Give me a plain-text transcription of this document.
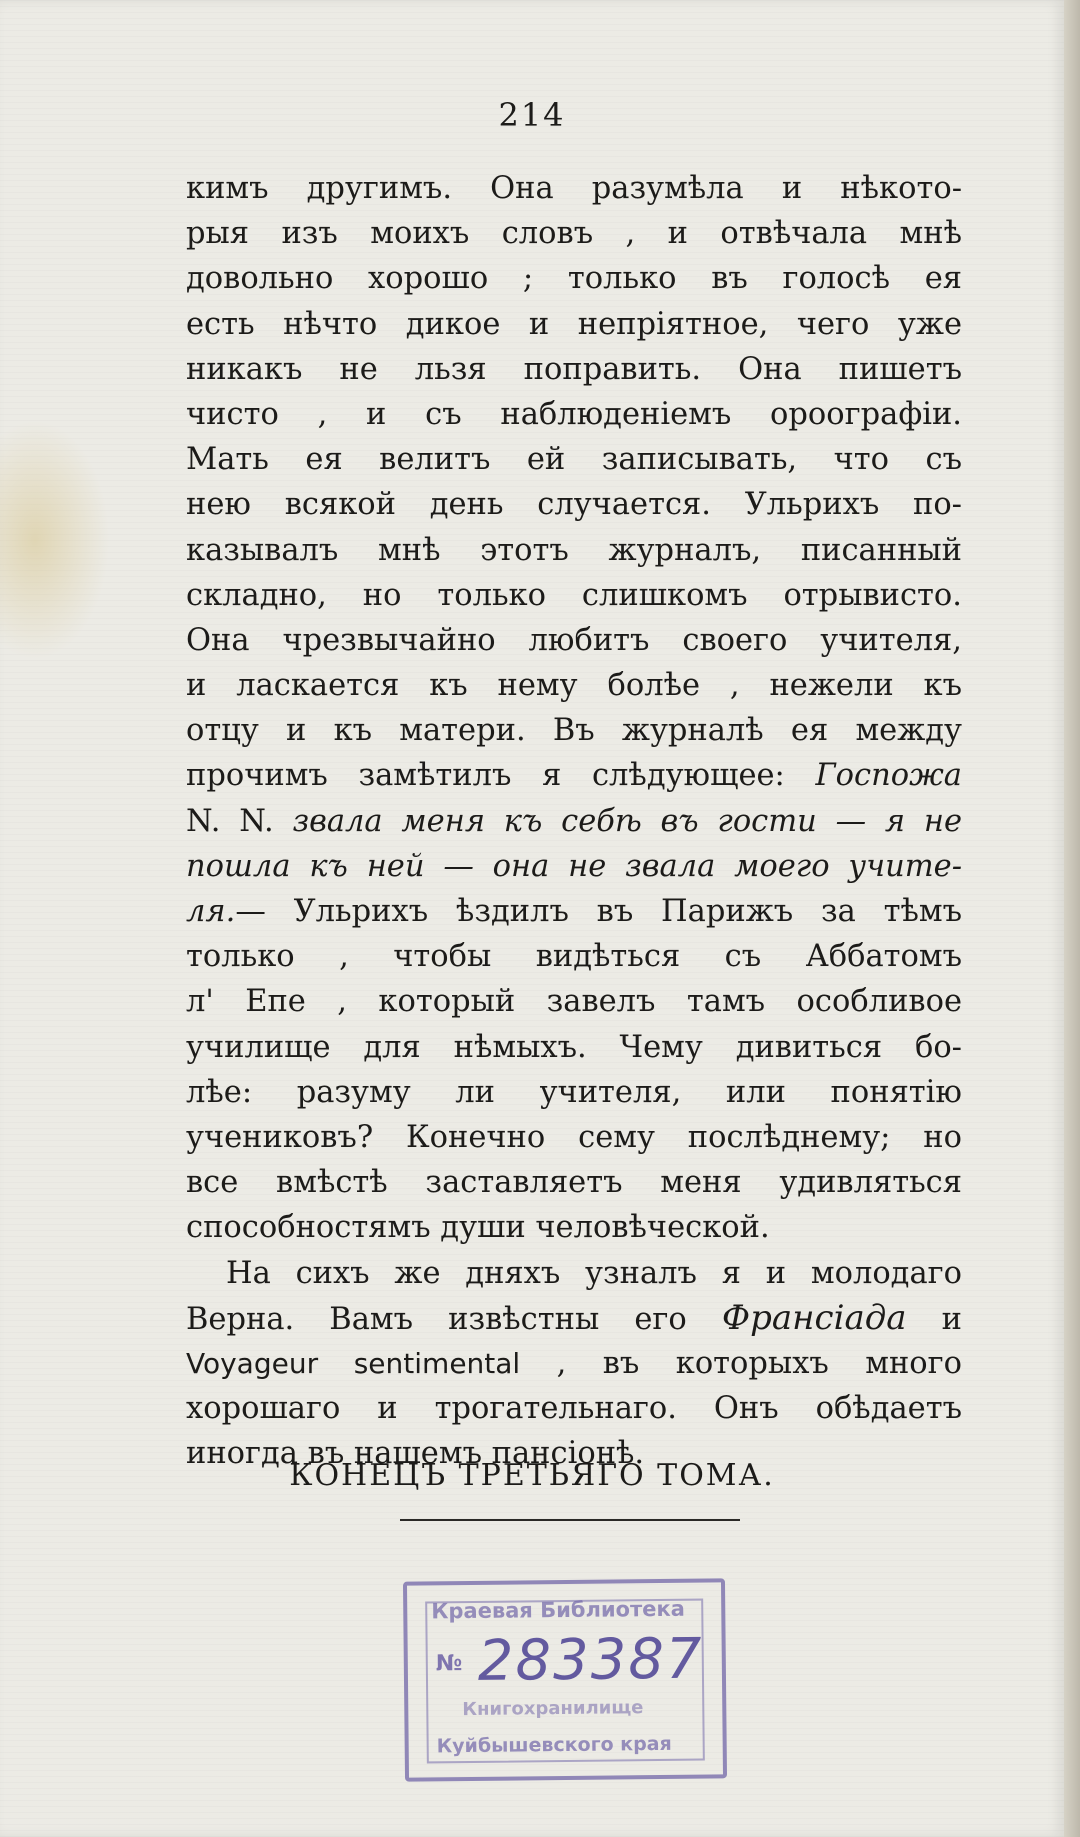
214
кимъ другимъ. Она разумѣла и нѣкото-
рыя изъ моихъ словъ , и отвѣчала мнѣ
довольно хорошо ; только въ голосѣ ея
есть нѣчто дикое и непріятное, чего уже
никакъ не льзя поправить. Она пишетъ
чисто , и съ наблюденіемъ ороографіи.
Мать ея велитъ ей записывать, что съ
нею всякой день случается. Ульрихъ по-
казывалъ мнѣ этотъ журналъ, писанный
складно, но только слишкомъ отрывисто.
Она чрезвычайно любитъ своего учителя,
и ласкается къ нему болѣе , нежели къ
отцу и къ матери. Въ журналѣ ея между
прочимъ замѣтилъ я слѣдующее: Госпожа
N. N. звала меня къ себѣ въ гости — я не
пошла къ ней — она не звала моего учите-
ля.— Ульрихъ ѣздилъ въ Парижъ за тѣмъ
только , чтобы видѣться съ Аббатомъ
л' Епе , который завелъ тамъ особливое
училище для нѣмыхъ. Чему дивиться бо-
лѣе: разуму ли учителя, или понятію
учениковъ? Конечно сему послѣднему; но
все вмѣстѣ заставляетъ меня удивляться
способностямъ души человѣческой.
На сихъ же дняхъ узналъ я и молодаго
Верна. Вамъ извѣстны его Франсіада и
Voyageur sentimental , въ которыхъ много
хорошаго и трогательнаго. Онъ обѣдаетъ
иногда въ нашемъ пансіонѣ.
КОНЕЦЪ ТРЕТЬЯГО ТОМА.
Краевая Библиотека
№ 283387
Книгохранилище
Куйбышевского края
